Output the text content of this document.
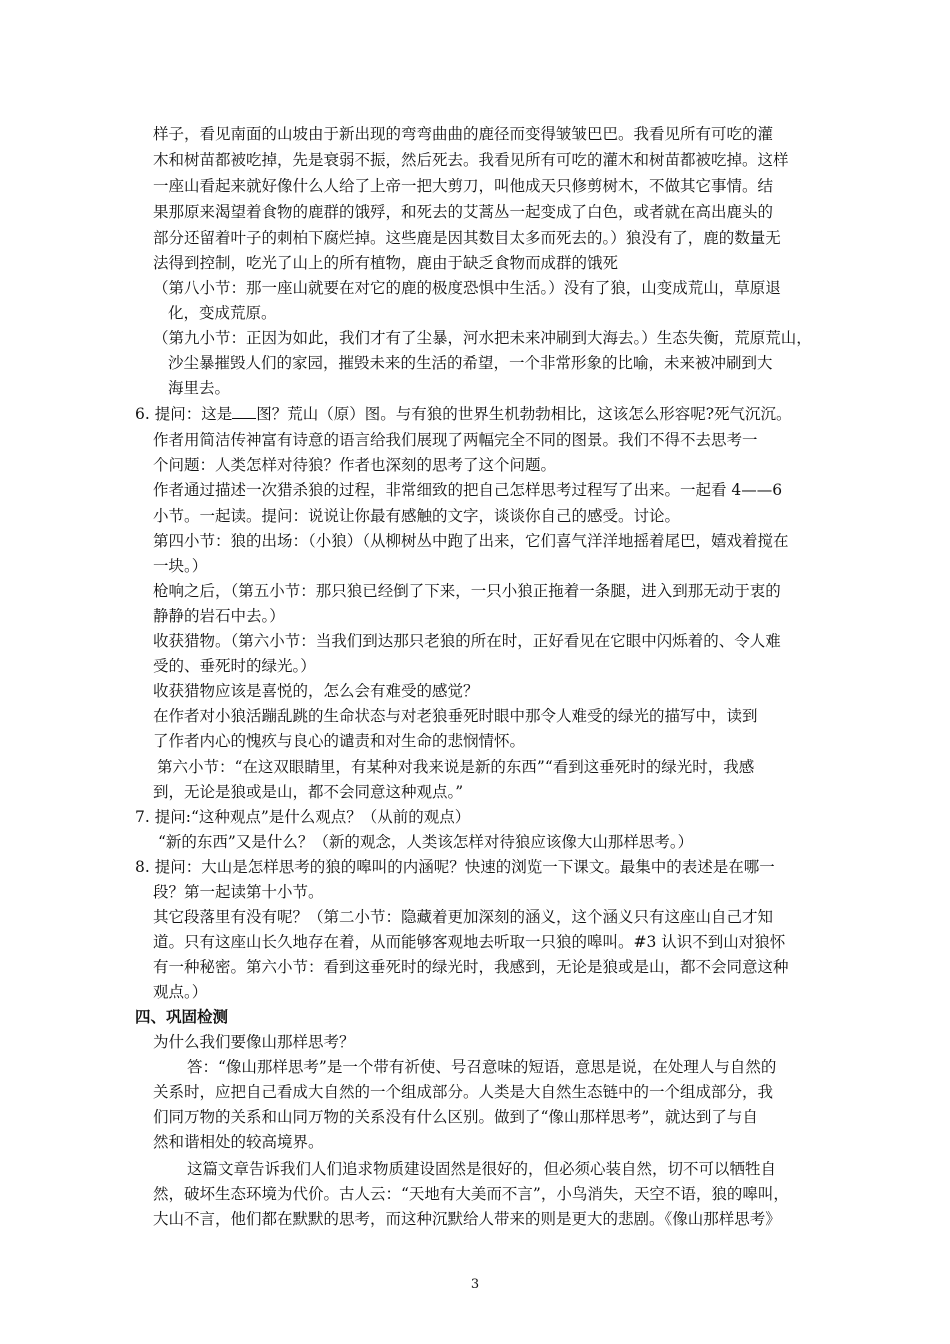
样子，看见南面的山坡由于新出现的弯弯曲曲的鹿径而变得皱皱巴巴。我看见所有可吃的灌
木和树苗都被吃掉，先是衰弱不振，然后死去。我看见所有可吃的灌木和树苗都被吃掉。这样
一座山看起来就好像什么人给了上帝一把大剪刀，叫他成天只修剪树木，不做其它事情。结
果那原来渴望着食物的鹿群的饿殍，和死去的艾蒿丛一起变成了白色，或者就在高出鹿头的
部分还留着叶子的刺柏下腐烂掉。这些鹿是因其数目太多而死去的。）狼没有了，鹿的数量无
法得到控制，吃光了山上的所有植物，鹿由于缺乏食物而成群的饿死
（第八小节：那一座山就要在对它的鹿的极度恐惧中生活。）没有了狼，山变成荒山，草原退
化，变成荒原。
（第九小节：正因为如此，我们才有了尘暴，河水把未来冲刷到大海去。）生态失衡，荒原荒山，
沙尘暴摧毁人们的家园，摧毁未来的生活的希望，一个非常形象的比喻，未来被冲刷到大
海里去。
6. 提问：这是 图？荒山（原）图。与有狼的世界生机勃勃相比，这该怎么形容呢?死气沉沉。
作者用简洁传神富有诗意的语言给我们展现了两幅完全不同的图景。我们不得不去思考一
个问题：人类怎样对待狼？作者也深刻的思考了这个问题。
作者通过描述一次猎杀狼的过程，非常细致的把自己怎样思考过程写了出来。一起看 4——6
小节。一起读。提问：说说让你最有感触的文字，谈谈你自己的感受。讨论。
第四小节：狼的出场：（小狼）（从柳树丛中跑了出来，它们喜气洋洋地摇着尾巴，嬉戏着搅在
一块。）
枪响之后，（第五小节：那只狼已经倒了下来，一只小狼正拖着一条腿，进入到那无动于衷的
静静的岩石中去。）
收获猎物。（第六小节：当我们到达那只老狼的所在时，正好看见在它眼中闪烁着的、令人难
受的、垂死时的绿光。）
收获猎物应该是喜悦的，怎么会有难受的感觉？
在作者对小狼活蹦乱跳的生命状态与对老狼垂死时眼中那令人难受的绿光的描写中，读到
了作者内心的愧疚与良心的谴责和对生命的悲悯情怀。
第六小节：“在这双眼睛里，有某种对我来说是新的东西”“看到这垂死时的绿光时，我感
到，无论是狼或是山，都不会同意这种观点。”
7. 提问:“这种观点”是什么观点？（从前的观点）
“新的东西”又是什么？（新的观念，人类该怎样对待狼应该像大山那样思考。）
8. 提问：大山是怎样思考的狼的嗥叫的内涵呢？快速的浏览一下课文。最集中的表述是在哪一
段？第一起读第十小节。
其它段落里有没有呢？（第二小节：隐藏着更加深刻的涵义，这个涵义只有这座山自己才知
道。只有这座山长久地存在着，从而能够客观地去听取一只狼的嗥叫。#3 认识不到山对狼怀
有一种秘密。第六小节：看到这垂死时的绿光时，我感到，无论是狼或是山，都不会同意这种
观点。）
四、巩固检测
为什么我们要像山那样思考？
答：“像山那样思考”是一个带有祈使、号召意味的短语，意思是说，在处理人与自然的
关系时，应把自己看成大自然的一个组成部分。人类是大自然生态链中的一个组成部分，我
们同万物的关系和山同万物的关系没有什么区别。做到了“像山那样思考”，就达到了与自
然和谐相处的较高境界。
这篇文章告诉我们人们追求物质建设固然是很好的，但必须心装自然，切不可以牺牲自
然，破坏生态环境为代价。古人云：“天地有大美而不言”，小鸟消失，天空不语，狼的嗥叫，
大山不言，他们都在默默的思考，而这种沉默给人带来的则是更大的悲剧。《像山那样思考》
3
